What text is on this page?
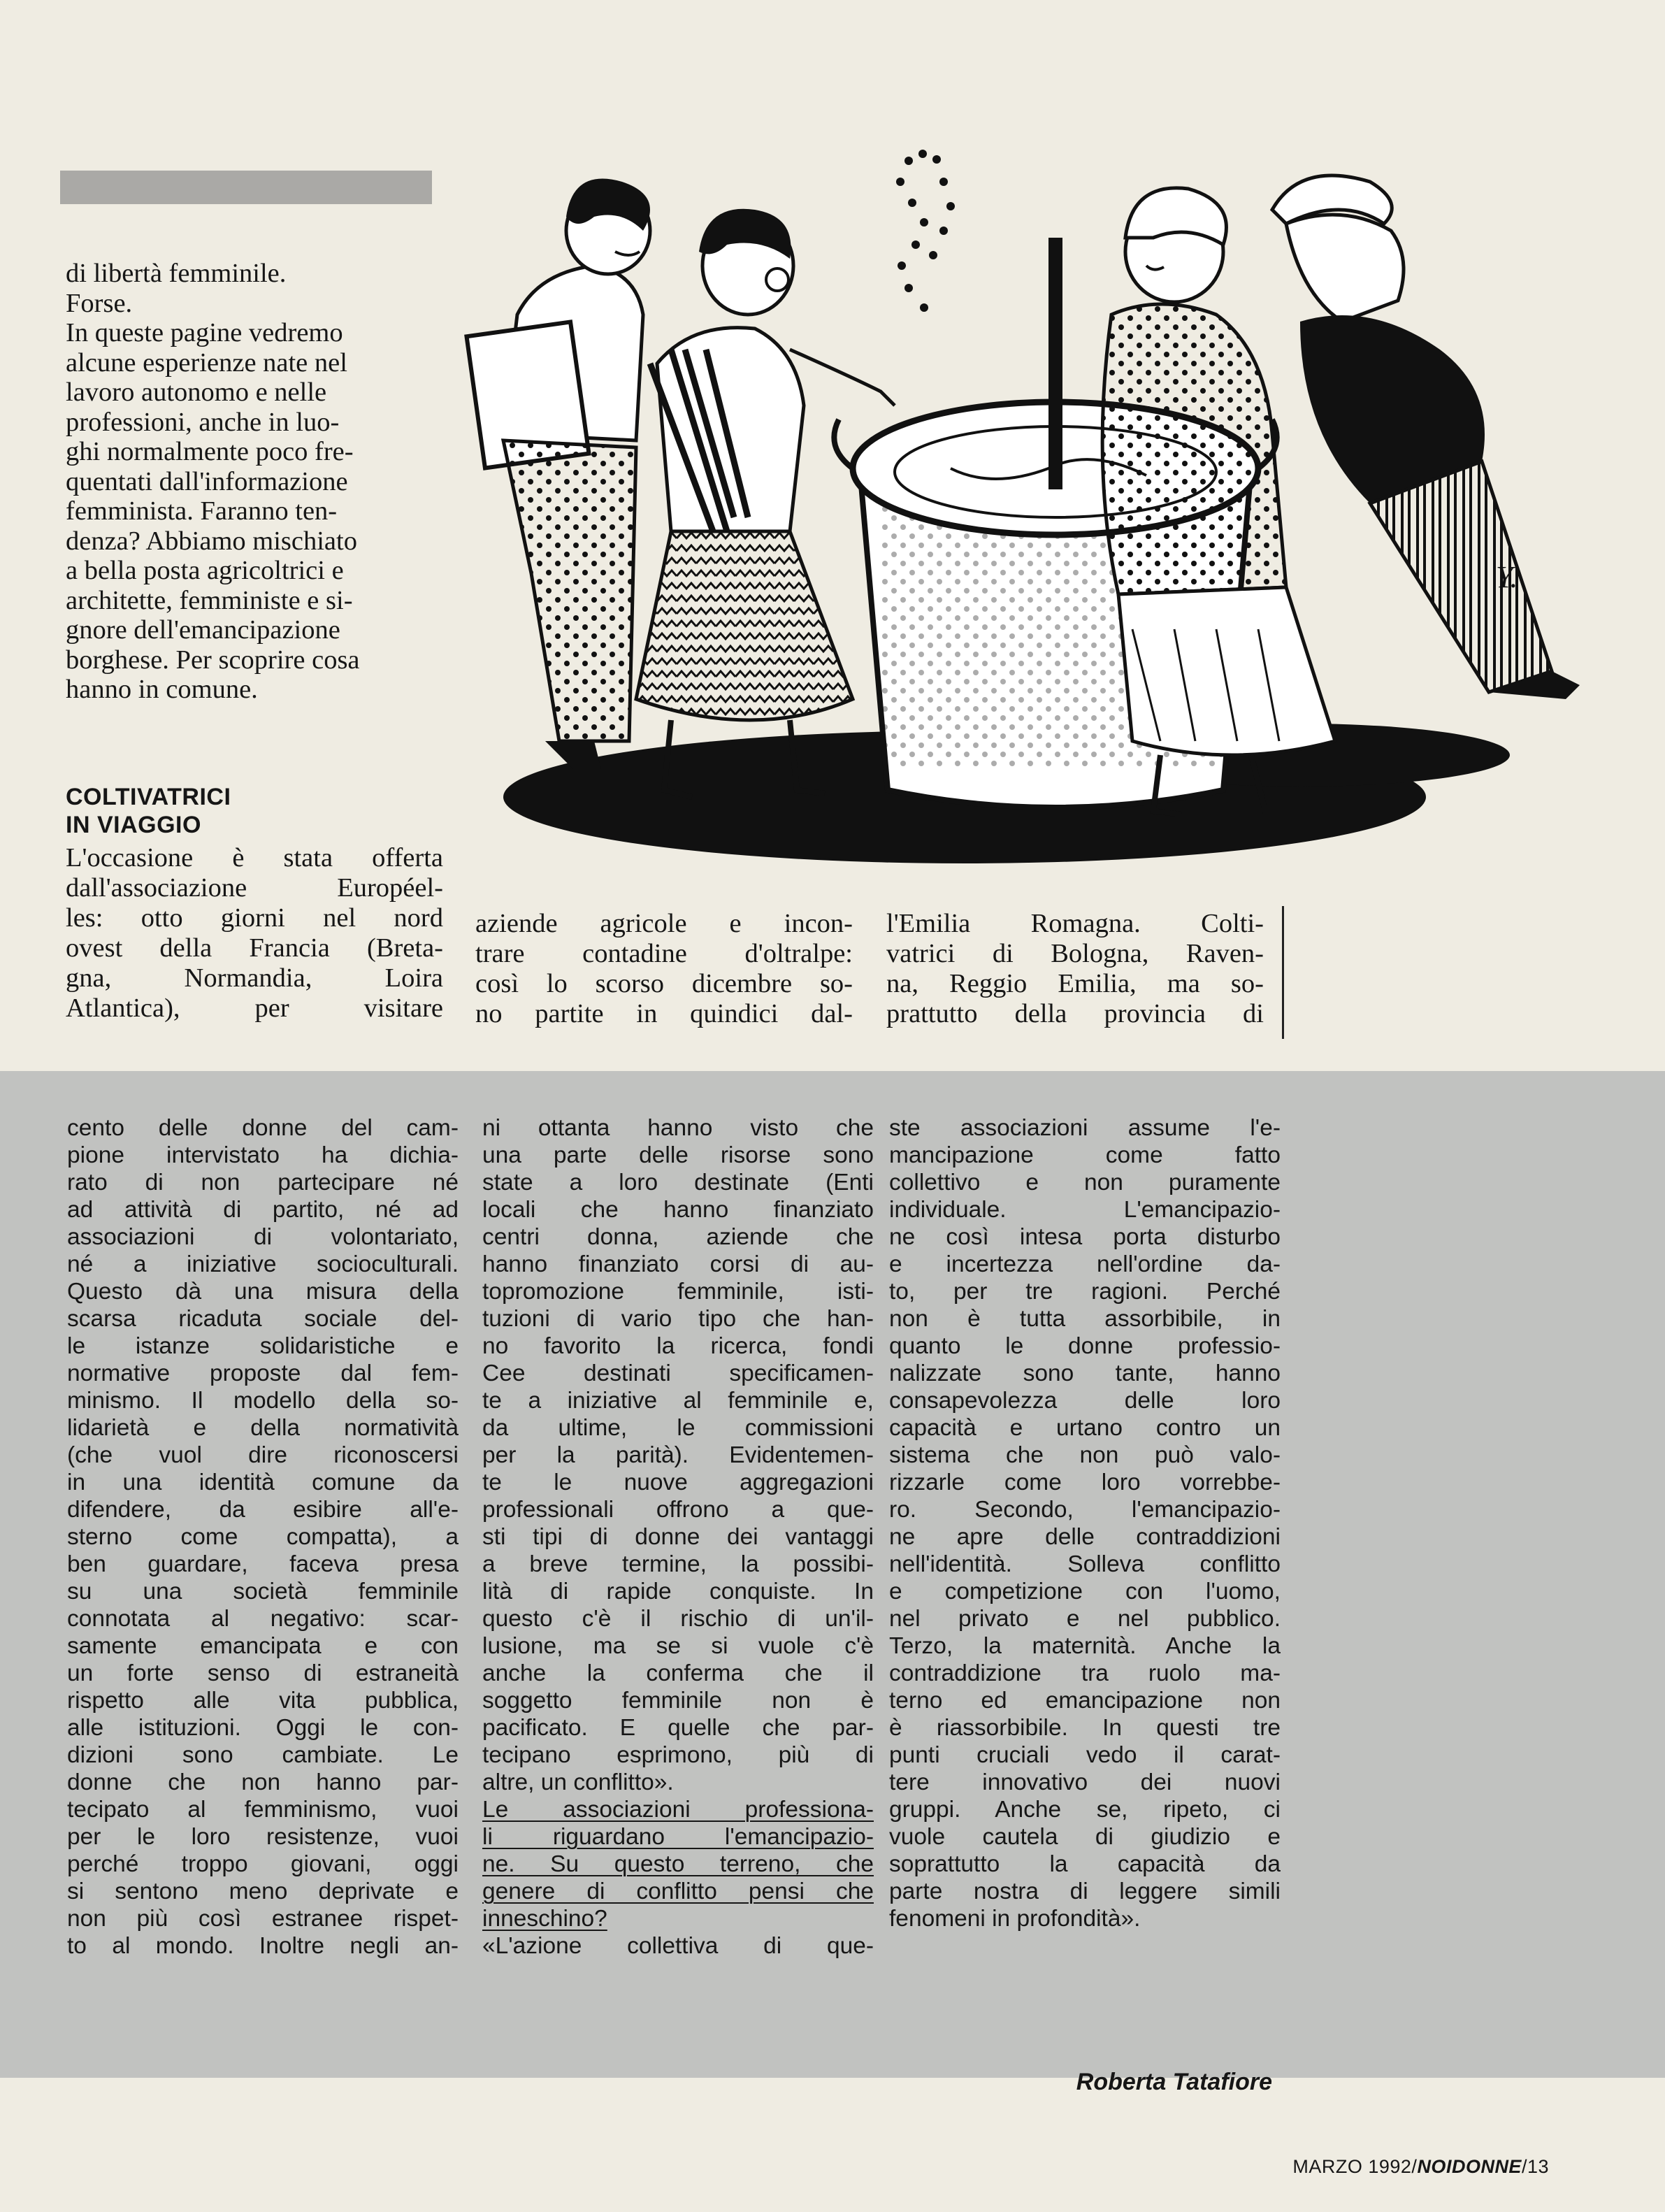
di libertà femminile.
Forse.
In queste pagine vedremo
alcune esperienze nate nel
lavoro autonomo e nelle
professioni, anche in luo-
ghi normalmente poco fre-
quentati dall'informazione
femminista. Faranno ten-
denza? Abbiamo mischiato
a bella posta agricoltrici e
architette, femministe e si-
gnore dell'emancipazione
borghese. Per scoprire cosa
hanno in comune.

COLTIVATRICI
IN VIAGGIO

L'occasione è stata offerta
dall'associazione Européel-
les: otto giorni nel nord
ovest della Francia (Breta-
gna, Normandia, Loira
Atlantica), per visitare

aziende agricole e incon-
trare contadine d'oltralpe:
così lo scorso dicembre so-
no partite in quindici dal-

l'Emilia Romagna. Colti-
vatrici di Bologna, Raven-
na, Reggio Emilia, ma so-
prattutto della provincia di

Y.

cento delle donne del cam-
pione intervistato ha dichia-
rato di non partecipare né
ad attività di partito, né ad
associazioni di volontariato,
né a iniziative socioculturali.
Questo dà una misura della
scarsa ricaduta sociale del-
le istanze solidaristiche e
normative proposte dal fem-
minismo. Il modello della so-
lidarietà e della normatività
(che vuol dire riconoscersi
in una identità comune da
difendere, da esibire all'e-
sterno come compatta), a
ben guardare, faceva presa
su una società femminile
connotata al negativo: scar-
samente emancipata e con
un forte senso di estraneità
rispetto alle vita pubblica,
alle istituzioni. Oggi le con-
dizioni sono cambiate. Le
donne che non hanno par-
tecipato al femminismo, vuoi
per le loro resistenze, vuoi
perché troppo giovani, oggi
si sentono meno deprivate e
non più così estranee rispet-
to al mondo. Inoltre negli an-

ni ottanta hanno visto che
una parte delle risorse sono
state a loro destinate (Enti
locali che hanno finanziato
centri donna, aziende che
hanno finanziato corsi di au-
topromozione femminile, isti-
tuzioni di vario tipo che han-
no favorito la ricerca, fondi
Cee destinati specificamen-
te a iniziative al femminile e,
da ultime, le commissioni
per la parità). Evidentemen-
te le nuove aggregazioni
professionali offrono a que-
sti tipi di donne dei vantaggi
a breve termine, la possibi-
lità di rapide conquiste. In
questo c'è il rischio di un'il-
lusione, ma se si vuole c'è
anche la conferma che il
soggetto femminile non è
pacificato. E quelle che par-
tecipano esprimono, più di
altre, un conflitto».
Le associazioni professiona-
li riguardano l'emancipazio-
ne. Su questo terreno, che
genere di conflitto pensi che
inneschino?
«L'azione collettiva di que-

ste associazioni assume l'e-
mancipazione come fatto
collettivo e non puramente
individuale. L'emancipazio-
ne così intesa porta disturbo
e incertezza nell'ordine da-
to, per tre ragioni. Perché
non è tutta assorbibile, in
quanto le donne professio-
nalizzate sono tante, hanno
consapevolezza delle loro
capacità e urtano contro un
sistema che non può valo-
rizzarle come loro vorrebbe-
ro. Secondo, l'emancipazio-
ne apre delle contraddizioni
nell'identità. Solleva conflitto
e competizione con l'uomo,
nel privato e nel pubblico.
Terzo, la maternità. Anche la
contraddizione tra ruolo ma-
terno ed emancipazione non
è riassorbibile. In questi tre
punti cruciali vedo il carat-
tere innovativo dei nuovi
gruppi. Anche se, ripeto, ci
vuole cautela di giudizio e
soprattutto la capacità da
parte nostra di leggere simili
fenomeni in profondità».

Roberta Tatafiore
MARZO 1992/NOIDONNE/13
